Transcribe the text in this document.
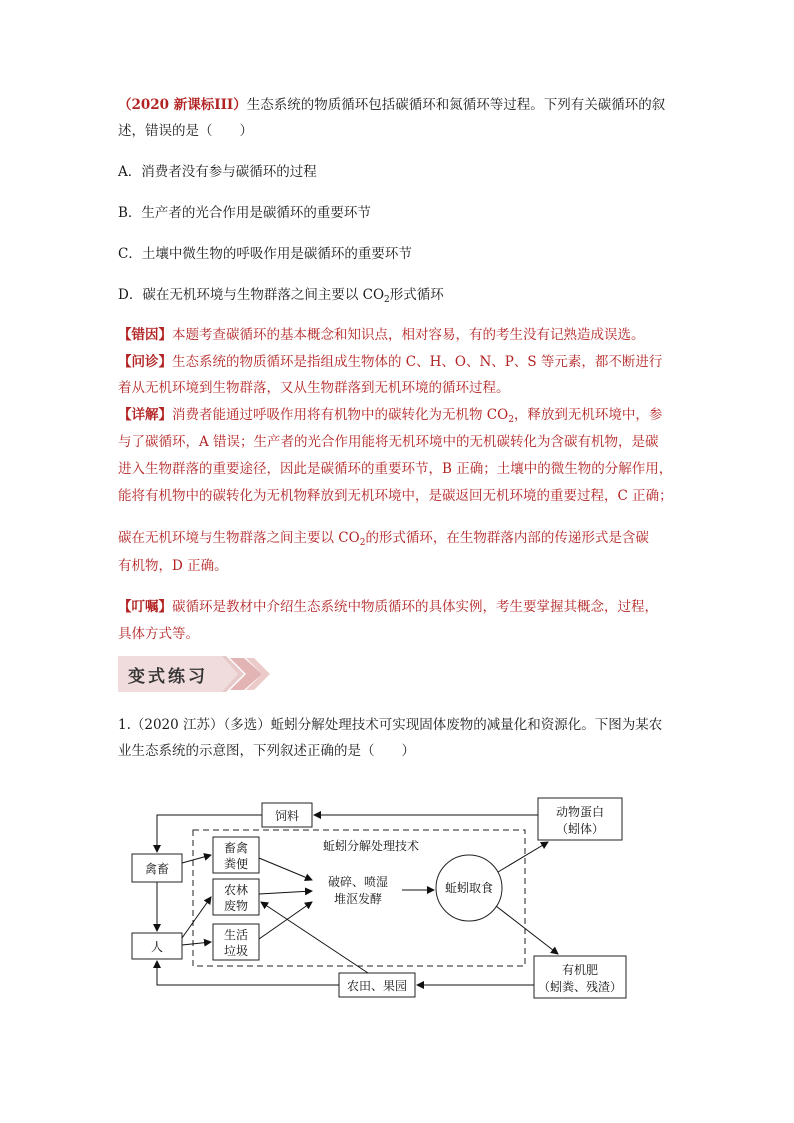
（2020 新课标III）生态系统的物质循环包括碳循环和氮循环等过程。下列有关碳循环的叙
述，错误的是（　　）
A．消费者没有参与碳循环的过程
B．生产者的光合作用是碳循环的重要环节
C．土壤中微生物的呼吸作用是碳循环的重要环节
D．碳在无机环境与生物群落之间主要以 $CO_2$形式循环
【错因】本题考查碳循环的基本概念和知识点，相对容易，有的考生没有记熟造成误选。
【问诊】生态系统的物质循环是指组成生物体的 C、H、O、N、P、S 等元素，都不断进行
着从无机环境到生物群落，又从生物群落到无机环境的循环过程。
【详解】消费者能通过呼吸作用将有机物中的碳转化为无机物 $CO_2$，释放到无机环境中，参
与了碳循环，A 错误；生产者的光合作用能将无机环境中的无机碳转化为含碳有机物，是碳
进入生物群落的重要途径，因此是碳循环的重要环节，B 正确；土壤中的微生物的分解作用，
能将有机物中的碳转化为无机物释放到无机环境中，是碳返回无机环境的重要过程，C 正确；
碳在无机环境与生物群落之间主要以 $CO_2$的形式循环，在生物群落内部的传递形式是含碳
有机物，D 正确。
【叮嘱】碳循环是教材中介绍生态系统中物质循环的具体实例，考生要掌握其概念，过程，
具体方式等。
变式练习
1.（2020 江苏）（多选）蚯蚓分解处理技术可实现固体废物的减量化和资源化。下图为某农
业生态系统的示意图，下列叙述正确的是（　　）
饲料	动物蛋白
（蚓体）
禽畜
人
畜禽
粪便
农林
废物
生活
垃圾
蚯蚓分解处理技术
破碎、喷湿
堆沤发酵
蚯蚓取食
有机肥
（蚓粪、残渣）
农田、果园
